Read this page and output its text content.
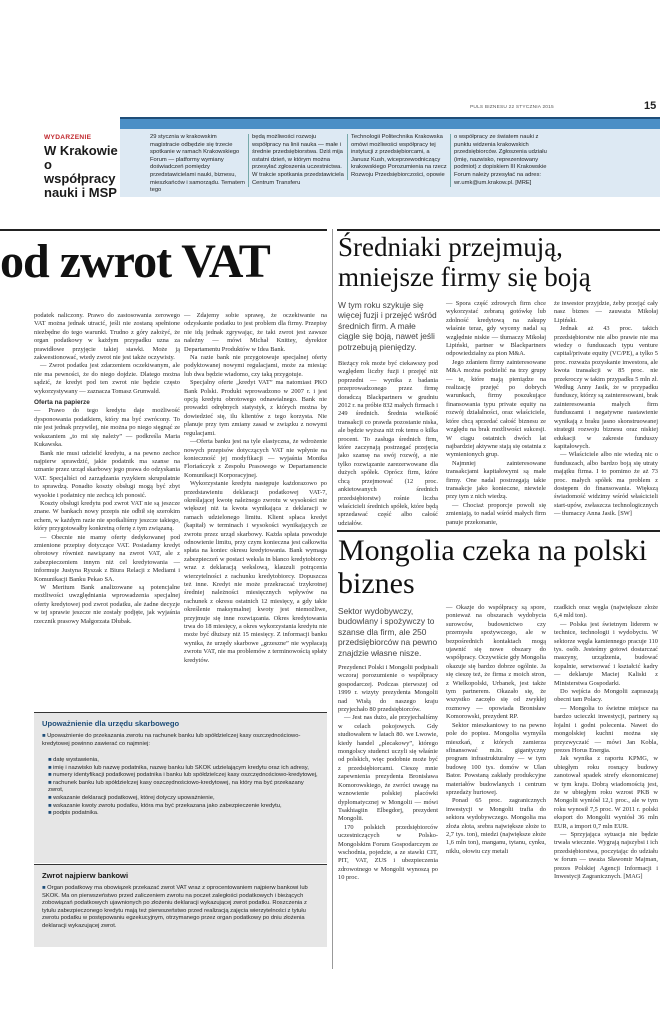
PULS BIZNESU 22 STYCZNIA 2015	15
WYDARZENIE
W Krakowie o współpracy nauki i MSP
29 stycznia w krakowskim magistracie odbędzie się trzecie spotkanie w ramach Krakowskiego Forum — platformy wymiany doświadczeń pomiędzy przedstawicielami nauki, biznesu, mieszkańców i samorządu. Tematem tego
będą możliwości rozwoju współpracy na linii nauka — małe i średnie przedsiębiorstwa. Dziś mija ostatni dzień, w którym można przesyłać zgłoszenia uczestnictwa. W trakcie spotkania przedstawiciela Centrum Transferu
Technologii Politechnika Krakowska omówi możliwości współpracy tej instytucji z przedsiębiorcami, a Janusz Kush, wiceprzewodniczący krakowskiego Porozumienia na rzecz Rozwoju Przedsiębiorczości, opowie
o współpracy ze światem nauki z punktu widzenia krakowskich przedsiębiorców. Zgłoszenia udziału (imię, nazwisko, reprezentowany podmiot) z dopiskiem III Krakowskie Forum należy przesyłać na adres: wr.umk@um.krakow.pl. [MRE]
od zwrot VAT

podatek naliczony. Prawo do zastosowania zerowego VAT można jednak utracić, jeśli nie zostaną spełnione niezbędne do tego warunki. Trudno z góry założyć, że organ podatkowy w każdym przypadku uzna za prawidłowe przyjęcie takiej stawki. Może ją zakwestionować, wtedy zwrot nie jest także oczywisty.

— Zwrot podatku jest zdarzeniem oczekiwanym, ale nie ma pewności, że do niego dojdzie. Dlatego można sądzić, że kredyt pod ten zwrot nie będzie często wykorzystywany — zaznacza Tomasz Grunwald.

Oferta na papierze

— Prawo do tego kredytu daje możliwość dysponowania podatkiem, który ma być zwrócony. To nie jest jednak przywilej, nie można po niego sięgnąć ze wskazaniem „to mi się należy” — podkreśla Maria Kukawska.

Bank nie musi udzielić kredytu, a na pewno zechce najpierw sprawdzić, jakie podatnik ma szanse na uznanie przez urząd skarbowy jego prawa do odzyskania VAT. Specjaliści od zarządzania ryzykiem skrupulatnie to sprawdzą. Ponadto koszty obsługi mogą być zbyt wysokie i podatnicy nie zechcą ich ponosić.

Koszty obsługi kredytu pod zwrot VAT nie są jeszcze znane. W bankach nowy przepis nie odbił się szerokim echem, w każdym razie nie spotkaliśmy jeszcze takiego, który przygotowałby konkretną ofertę z tym związaną.

— Obecnie nie mamy oferty dedykowanej pod zmienione przepisy dotyczące VAT. Posiadamy kredyt obrotowy również nawiązany na zwrot VAT, ale z zabezpieczeniem innym niż cel kredytowania — informuje Justyna Ryszak z Biura Relacji z Mediami i Komunikacji Banku Pekao SA.

W Meritum Bank analizowane są potencjalne możliwości uwzględniania wprowadzenia specjalnej oferty kredytowej pod zwrot podatku, ale żadne decyzje w tej sprawie jeszcze nie zostały podjęte, jak wyjaśnia rzecznik prasowy Małgorzata Dłubak.

— Zdajemy sobie sprawę, że oczekiwanie na odzyskanie podatku to jest problem dla firmy. Przepisy nie idą jednak zgrywając, że taki zwrot jest zawsze należny — mówi Michał Knittey, dyrektor Departamentu Produktów w Idea Bank.

Na razie bank nie przygotowuje specjalnej oferty podyktowanej nowymi regulacjami, może za miesiąc lub dwa będzie wiadomo, czy taką przygotuje.

Specjalny oferte „kredyt VAT” ma natomiast PKO Bank Polski. Produkt wprowadzono w 2007 r. i jest opcją kredytu obrotowego odnawialnego. Bank nie prowadzi odrębnych statystyk, z których można by dowiedzieć się, ilu klientów z tego korzysta. Nie planuje przy tym zmiany zasad w związku z nowymi regulacjami.

—Oferta banku jest na tyle elastyczna, że wdrożenie nowych przepisów dotyczących VAT nie wpłynie na konieczność jej modyfikacji — wyjaśnia Monika Floriańczyk z Zespołu Prasowego w Departamencie Komunikacji Korporacyjnej.

Wykorzystanie kredytu następuje każdorazowo po przedstawieniu deklaracji podatkowej VAT-7, określającej kwotę należnego zwrotu w wysokości nie większej niż ta kwota wynikająca z deklaracji w ramach udzielonego limitu. Klient spłaca kredyt (kapitał) w terminach i wysokości wynikających ze zwrotu przez urząd skarbowy. Każda spłata powoduje odnowienie limitu, przy czym konieczna jest całkowita spłata na koniec okresu kredytowania. Bank wymaga zabezpieczeń w postaci weksla in blanco kredytobiorcy wraz z deklaracją wekslową, klauzuli potrącenia wierzytelności z rachunku kredytobiorcy. Dopuszcza też inne. Kredyt nie może przekraczać trzykrotnej średniej należności miesięcznych wpływów na rachunek z okresu ostatnich 12 miesięcy, a gdy takie określenie maksymalnej kwoty jest niemożliwe, przyjmuje się inne rozwiązania. Okres kredytowania trwa do 18 miesięcy, a okres wykorzystania kredytu nie może być dłuższy niż 15 miesięcy. Z informacji banku wynika, że urzędy skarbowe „grzeszne” nie wypłacają zwrotu VAT, nie ma problemów z terminowością spłaty kredytów.

Upoważnienie dla urzędu skarbowego
■ Upoważnienie do przekazania zwrotu na rachunek banku lub spółdzielczej kasy oszczędnościowo-kredytowej powinno zawierać co najmniej:
■ datę wystawienia,
■ imię i nazwisko lub nazwę podatnika, nazwę banku lub SKOK udzielającym kredytu oraz ich adresy,
■ numery identyfikacji podatkowej podatnika i banku lub spółdzielczej kasy oszczędnościowo-kredytowej,
■ rachunek banku lub spółdzielczej kasy oszczędnościowo-kredytowej, na który ma być przekazany zwrot,
■ wskazanie deklaracji podatkowej, której dotyczy upoważnienie,
■ wskazanie kwoty zwrotu podatku, która ma być przekazana jako zabezpieczenie kredytu,
■ podpis podatnika.
Zwrot najpierw bankowi
■ Organ podatkowy ma obowiązek przekazać zwrot VAT wraz z oprocentowaniem najpierw bankowi lub SKOK. Ma on pierwszeństwo przed zaliczeniem zwrotu na poczet zaległości podatkowych i bieżących zobowiązań podatkowych ujawnionych po złożeniu deklaracji wykazującej zwrot podatku. Roszczenia z tytułu zabezpieczonego kredytu mają też pierwszeństwo przed realizacją zajęcia wierzytelności z tytułu zwrotu podatku w postępowaniu egzekucyjnym, otrzymanego przez organ podatkowy po dniu złożenia deklaracji wykazującej zwrot.
Średniaki przejmują, mniejsze firmy się boją
W tym roku szykuje się więcej fuzji i przejęć wśród średnich firm. A małe ciągle się boją, nawet jeśli potrzebują pieniędzy.

Bieżący rok może być ciekawszy pod względem liczby fuzji i przejęć niż poprzedni — wynika z badania przeprowadzonego przez firmę doradczą Blackpartners w grudniu 2012 r. na próbie 832 małych firmach i 249 średnich. Średnia wielkość transakcji co prawda pozostanie niska, ale będzie wyższa niż rok temu o kilka procent. To zasługa średnich firm, które zaczynają postrzegać przejęcia jako szansę na swój rozwój, a nie tylko rozwiązanie zarezerwowane dla dużych spółek. Oprócz firm, które chcą przejmować (12 proc. ankietowanych średnich przedsiębiorstw) rośnie liczba właścicieli średnich spółek, które będą sprzedawać część albo całość udziałów.

— Spora część zdrowych firm chce wykorzystać zebraną gotówkę lub zdolność kredytową na zakupy właśnie teraz, gdy wyceny nadal są względnie niskie — tłumaczy Mikołaj Lipiński, partner w Blackpartners odpowiedzialny za pion M&A.

Jego zdaniem firmy zainteresowane M&A można podzielić na trzy grupy — te, które mają pieniądze na realizację przejęć po dobrych warunkach, firmy poszukujące finansowania typu private equity na rozwój działalności, oraz właściciele, które chcą sprzedać całość biznesu ze względu na brak możliwości sukcesji. W ciągu ostatnich dwóch lat najbardziej aktywne stają się ostatnia z wymienionych grup.

Najmniej zainteresowane transakcjami kapitałowymi są małe firmy. One nadal postrzegają takie transakcje jako konieczne, niewiele przy tym z nich wiedzą.

— Chociaż proporcje powoli się zmieniają, to nadal wśród małych firm panuje przekonanie,

że inwestor przyjdzie, żeby przejąć cały nasz biznes — zauważa Mikołaj Lipiński.

Jednak aż 43 proc. takich przedsiębiorstw nie albo prawie nie ma wiedzy o funduszach typu venture capital/private equity (VC/PE), a tylko 5 proc. rozważa pozyskanie inwestora, ale kwota transakcji w 85 proc. nie przekroczy w takim przypadku 5 mln zł. Według Anny Jasik, że w przypadku funduszy, którzy są zainteresowani, brak zainteresowania małych firm funduszami i negatywne nastawienie wynikają z braku jasno skonstruowanej strategii rozwoju biznesu oraz niskiej edukacji w zakresie funduszy kapitałowych.

— Właściciele albo nie wiedzą nic o funduszach, albo bardzo boją się utraty majątku firma. I to pomimo że aż 73 proc. małych spółek ma problem z dostępem do finansowania. Większą świadomość widzimy wśród właścicieli start-upów, zwłaszcza technologicznych — tłumaczy Anna Jasik. [SW]

Mongolia czeka na polski biznes
Sektor wydobywczy, budowlany i spożywczy to szanse dla firm, ale 250 przedsiębiorców na pewno znajdzie własne nisze.

Prezydenci Polski i Mongolii podpisali wczoraj porozumienie o współpracy gospodarczej. Podczas pierwszej od 1999 r. wizyty prezydenta Mongolii nad Wisłą do naszego kraju przyjechało 80 przedsiębiorców.

— Jest nas dużo, ale przyjechaliśmy w celach pokojowych. Gdy studiowałem w latach 80. we Lwowie, kiedy handel „plecakowy”, którego mongolscy studenci uczyli się właśnie od polskich, więc podobnie może być z przedsiębiorcami. Cieszę mnie zapewnienia prezydenta Bronisława Komorowskiego, że zwróci uwagę na wznowienie polskiej placówki dyplomatycznej w Mongolii — mówi Tsakhiagiin Elbegdorj, prezydent Mongolii.

170 polskich przedsiębiorców uczestniczących w Polsko-Mongolskim Forum Gospodarczym ze wschodnia, pojedzie, a ze stawki CIT, PIT, VAT, ZUS i ubezpieczenia zdrowotnego w Mongolii wynoszą po 10 proc.

— Okazje do współpracy są spore, ponieważ na obszarach wydobycia surowców, budownictwo czy przemysłu spożywczego, ale w bezpośrednich kontaktach mogą ujawnić się nowe obszary do współpracy. Oczywiście gdy Mongolia okazuje się bardzo dobrze ogólnie. Ja się cieszę też, że firma z moich stron, z Wielkopolski, Urbanek, jest także tym partnerem. Okazało się, że wszystko zaczęło się od zwykłej rozmowy — opowiada Bronisław Komorowski, prezydent RP.

Sektor mieszkaniowy to na pewno pole do popisu. Mongolia wymyśla mieszkań, z których zamierza sfinansować m.in. gigantyczny program infrastrukturalny — w tym budowę 100 tys. domów w Ulan Bator. Powstaną zakłady produkcyjne materiałów budowlanych i centrum sprzedaży hurtowej.

Ponad 65 proc. zagranicznych inwestycji w Mongolii trafia do sektora wydobywczego. Mongolia ma złoża złota, srebra największe złoże to 2,7 tys. ton), miedzi (największe złoże 1,6 mln ton), manganu, tytanu, cynku, niklu, ołowiu czy metali

rzadkich oraz węgla (największe złoże 6,4 mld ton).

— Polska jest świetnym liderem w technice, technologii i wydobyciu. W sektorze węgla kamiennego pracuje 110 tys. osób. Jesteśmy gotowi dostarczać maszyny, urządzenia, budować kopalnie, serwisować i kształcić kadry — deklaruje Maciej Kaliski z Ministerstwa Gospodarki.

Do wejścia do Mongolii zapraszają obecni tam Polacy.

— Mongolia to świetne miejsce na bardzo ucieczki inwestycji, partnery są łojalni i godni polecenia. Nawet do mongolskiej kuchni można się przyzwyczaić — mówi Jan Kobla, prezes Horus Energia.

Jak wynika z raportu KPMG, w ubiegłym roku rosnący budowy zanotował spadek strefy ekonomicznej w tym kraju. Dobrą wiadomością jest, że w ubiegłym roku wzrost PKB w Mongolii wyniósł 12,1 proc., ale w tym roku wynosił 7,5 proc. W 2011 r. polski eksport do Mongolii wyniósł 36 mln EUR, a import 0,7 mln EUR.

— Sprzyjająca sytuacja nie będzie trwała wiecznie. Wygrają najszybsi i ich przedsiębiorstwa, poczytając do udziału w forum — uważa Sławomir Majman, prezes Polskiej Agencji Informacji i Inwestycji Zagranicznych. [MAG]
